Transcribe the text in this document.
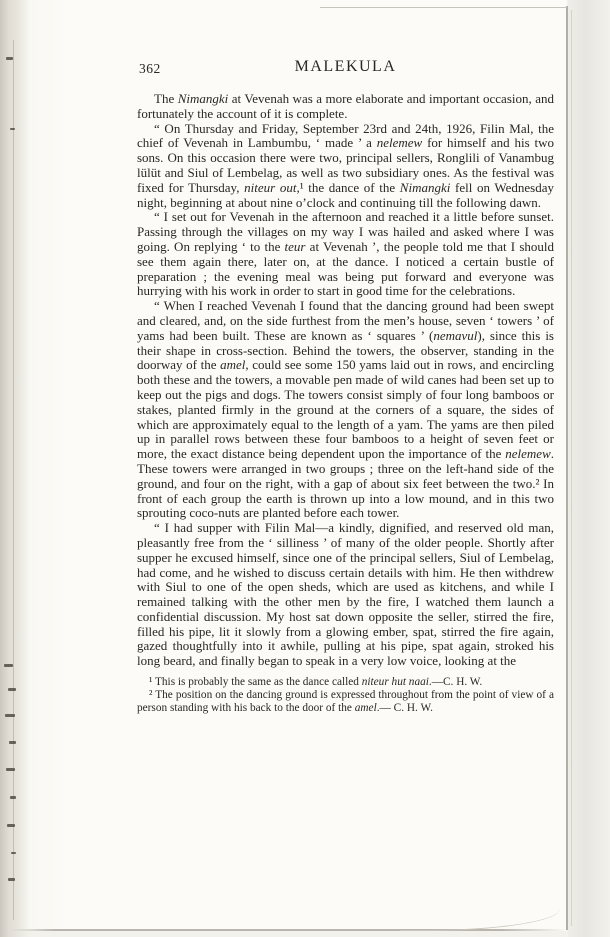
362	MALEKULA

The Nimangki at Vevenah was a more elaborate and important occasion, and fortunately the account of it is complete.

“ On Thursday and Friday, September 23rd and 24th, 1926, Filin Mal, the chief of Vevenah in Lambumbu, ‘ made ’ a nelemew for himself and his two sons. On this occasion there were two, principal sellers, Ronglili of Vanambug lülüt and Siul of Lembelag, as well as two subsidiary ones. As the festival was fixed for Thursday, niteur out,¹ the dance of the Nimangki fell on Wednesday night, beginning at about nine o’clock and continuing till the following dawn.

“ I set out for Vevenah in the afternoon and reached it a little before sunset. Passing through the villages on my way I was hailed and asked where I was going. On replying ‘ to the teur at Vevenah ’, the people told me that I should see them again there, later on, at the dance. I noticed a certain bustle of preparation ; the evening meal was being put forward and everyone was hurrying with his work in order to start in good time for the celebrations.

“ When I reached Vevenah I found that the dancing ground had been swept and cleared, and, on the side furthest from the men’s house, seven ‘ towers ’ of yams had been built. These are known as ‘ squares ’ (nemavul), since this is their shape in cross-section. Behind the towers, the observer, standing in the doorway of the amel, could see some 150 yams laid out in rows, and encircling both these and the towers, a movable pen made of wild canes had been set up to keep out the pigs and dogs. The towers consist simply of four long bamboos or stakes, planted firmly in the ground at the corners of a square, the sides of which are approximately equal to the length of a yam. The yams are then piled up in parallel rows between these four bamboos to a height of seven feet or more, the exact distance being dependent upon the importance of the nelemew. These towers were arranged in two groups ; three on the left-hand side of the ground, and four on the right, with a gap of about six feet between the two.² In front of each group the earth is thrown up into a low mound, and in this two sprouting coco-nuts are planted before each tower.

“ I had supper with Filin Mal—a kindly, dignified, and reserved old man, pleasantly free from the ‘ silliness ’ of many of the older people. Shortly after supper he excused himself, since one of the principal sellers, Siul of Lembelag, had come, and he wished to discuss certain details with him. He then withdrew with Siul to one of the open sheds, which are used as kitchens, and while I remained talking with the other men by the fire, I watched them launch a confidential discussion. My host sat down opposite the seller, stirred the fire, filled his pipe, lit it slowly from a glowing ember, spat, stirred the fire again, gazed thoughtfully into it awhile, pulling at his pipe, spat again, stroked his long beard, and finally began to speak in a very low voice, looking at the

¹ This is probably the same as the dance called niteur hut naai.—C. H. W.

² The position on the dancing ground is expressed throughout from the point of view of a person standing with his back to the door of the amel.— C. H. W.
